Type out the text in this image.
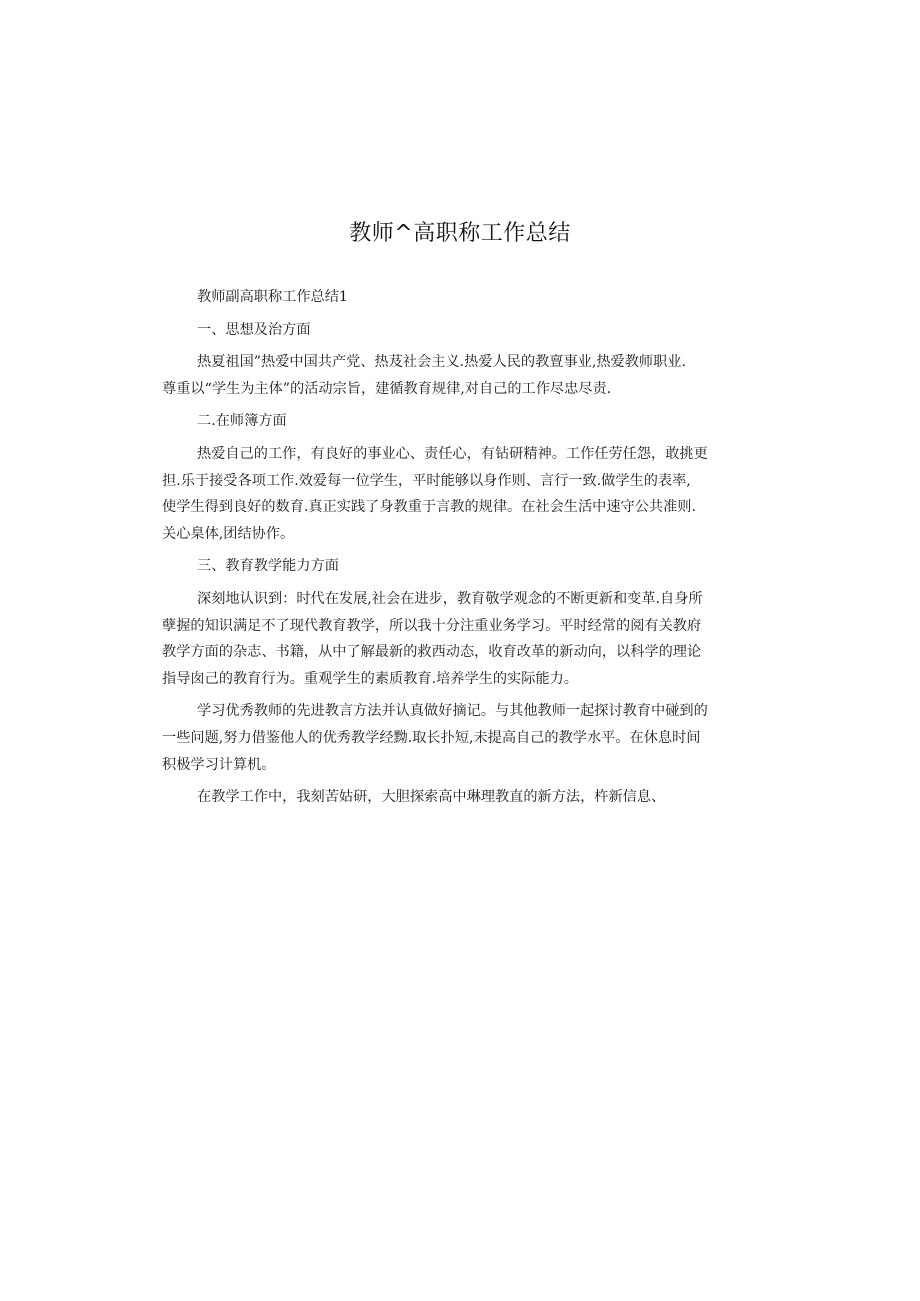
教师^高职称工作总结
教师副高职称工作总结1
一、思想及治方面
热夏祖国”热爱中国共产党、热芨社会主义.热爱人民的教亶事业,热爱教师职业.
尊重以“学生为主体”的活动宗旨，建循教育规律,对自己的工作尽忠尽责.
二.在师簿方面
热爱自己的工作，有良好的事业心、责任心，有钻研精神。工作任劳任怨，敢挑更
担.乐于接受各项工作.效爱每一位学生，平时能够以身作则、言行一致.做学生的表率,
使学生得到良好的数育.真正实践了身教重于言教的规律。在社会生活中速守公共准则.
关心臬体,团结协作。
三、教育教学能力方面
深刻地认识到：时代在发展,社会在进步，教育敬学观念的不断更新和变革.自身所
孽握的知识满足不了现代教育教学，所以我十分注重业务学习。平时经常的阅有关教府
教学方面的杂志、书籍，从中了解最新的救西动态，收育改革的新动向，以科学的理论
指导囱己的教育行为。重观学生的素质教育.培养学生的实际能力。
学习优秀教师的先进教言方法并认真做好摘记。与其他教师一起探讨教育中碰到的
一些问题,努力借鉴他人的优秀教学经黝.取长扑短,未提高自己的教学水平。在休息时间
积极学习计算机。
在教学工作中，我刻苦姑研，大胆探索高中琳理教直的新方法，杵新信息、
